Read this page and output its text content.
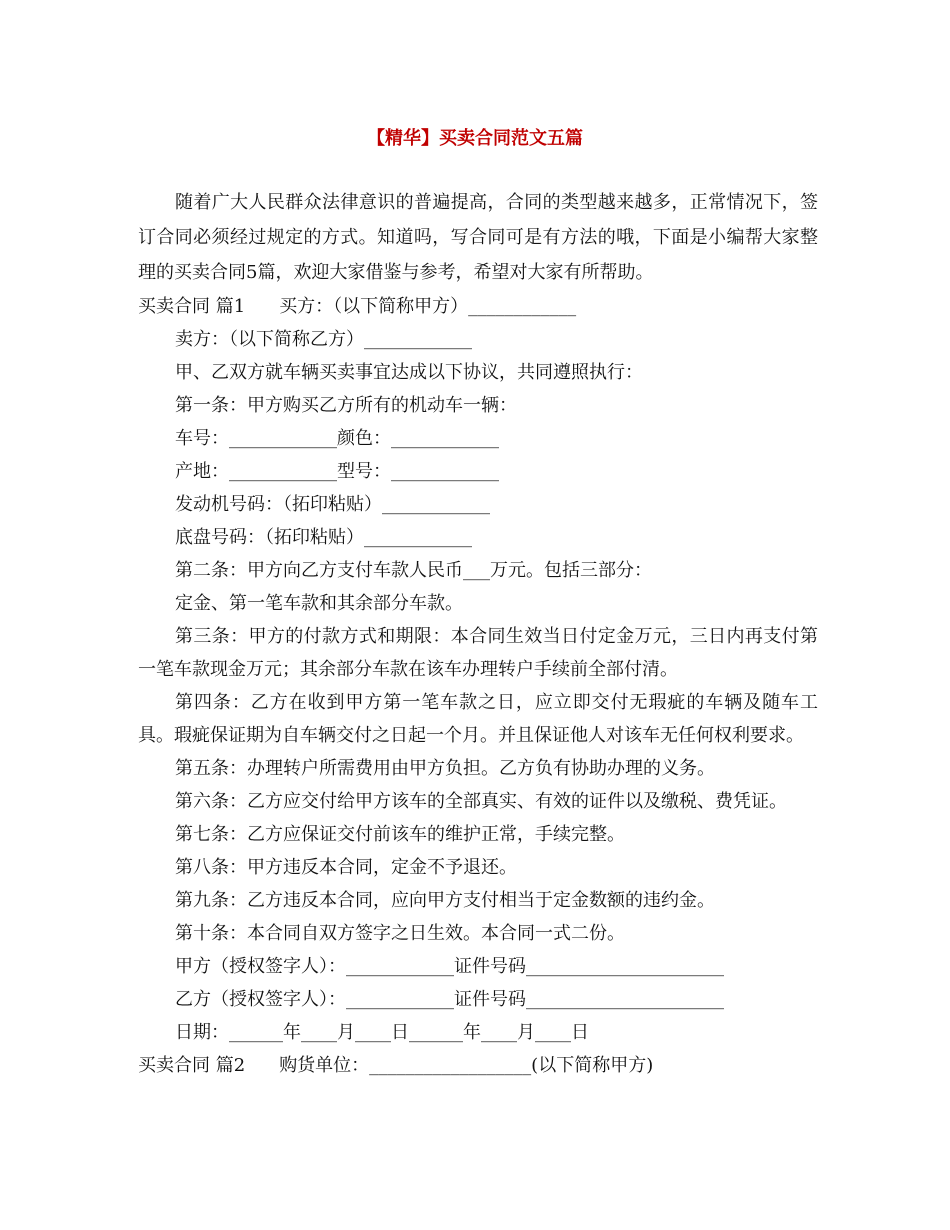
【精华】买卖合同范文五篇

随着广大人民群众法律意识的普遍提高，合同的类型越来越多，正常情况下，签订合同必须经过规定的方式。知道吗，写合同可是有方法的哦，下面是小编帮大家整理的买卖合同5篇，欢迎大家借鉴与参考，希望对大家有所帮助。

买卖合同 篇1 买方：（以下简称甲方）____________

卖方：（以下简称乙方）____________

甲、乙双方就车辆买卖事宜达成以下协议，共同遵照执行：

第一条：甲方购买乙方所有的机动车一辆：

车号：____________颜色：____________

产地：____________型号：____________

发动机号码：（拓印粘贴）____________

底盘号码：（拓印粘贴）____________

第二条：甲方向乙方支付车款人民币___万元。包括三部分：

定金、第一笔车款和其余部分车款。

第三条：甲方的付款方式和期限：本合同生效当日付定金万元，三日内再支付第一笔车款现金万元；其余部分车款在该车办理转户手续前全部付清。

第四条：乙方在收到甲方第一笔车款之日，应立即交付无瑕疵的车辆及随车工具。瑕疵保证期为自车辆交付之日起一个月。并且保证他人对该车无任何权利要求。

第五条：办理转户所需费用由甲方负担。乙方负有协助办理的义务。

第六条：乙方应交付给甲方该车的全部真实、有效的证件以及缴税、费凭证。

第七条：乙方应保证交付前该车的维护正常，手续完整。

第八条：甲方违反本合同，定金不予退还。

第九条：乙方违反本合同，应向甲方支付相当于定金数额的违约金。

第十条：本合同自双方签字之日生效。本合同一式二份。

甲方（授权签字人）：____________证件号码______________________

乙方（授权签字人）：____________证件号码______________________

日期：______年____月____日______年____月____日

买卖合同 篇2 购货单位：__________________(以下简称甲方)
